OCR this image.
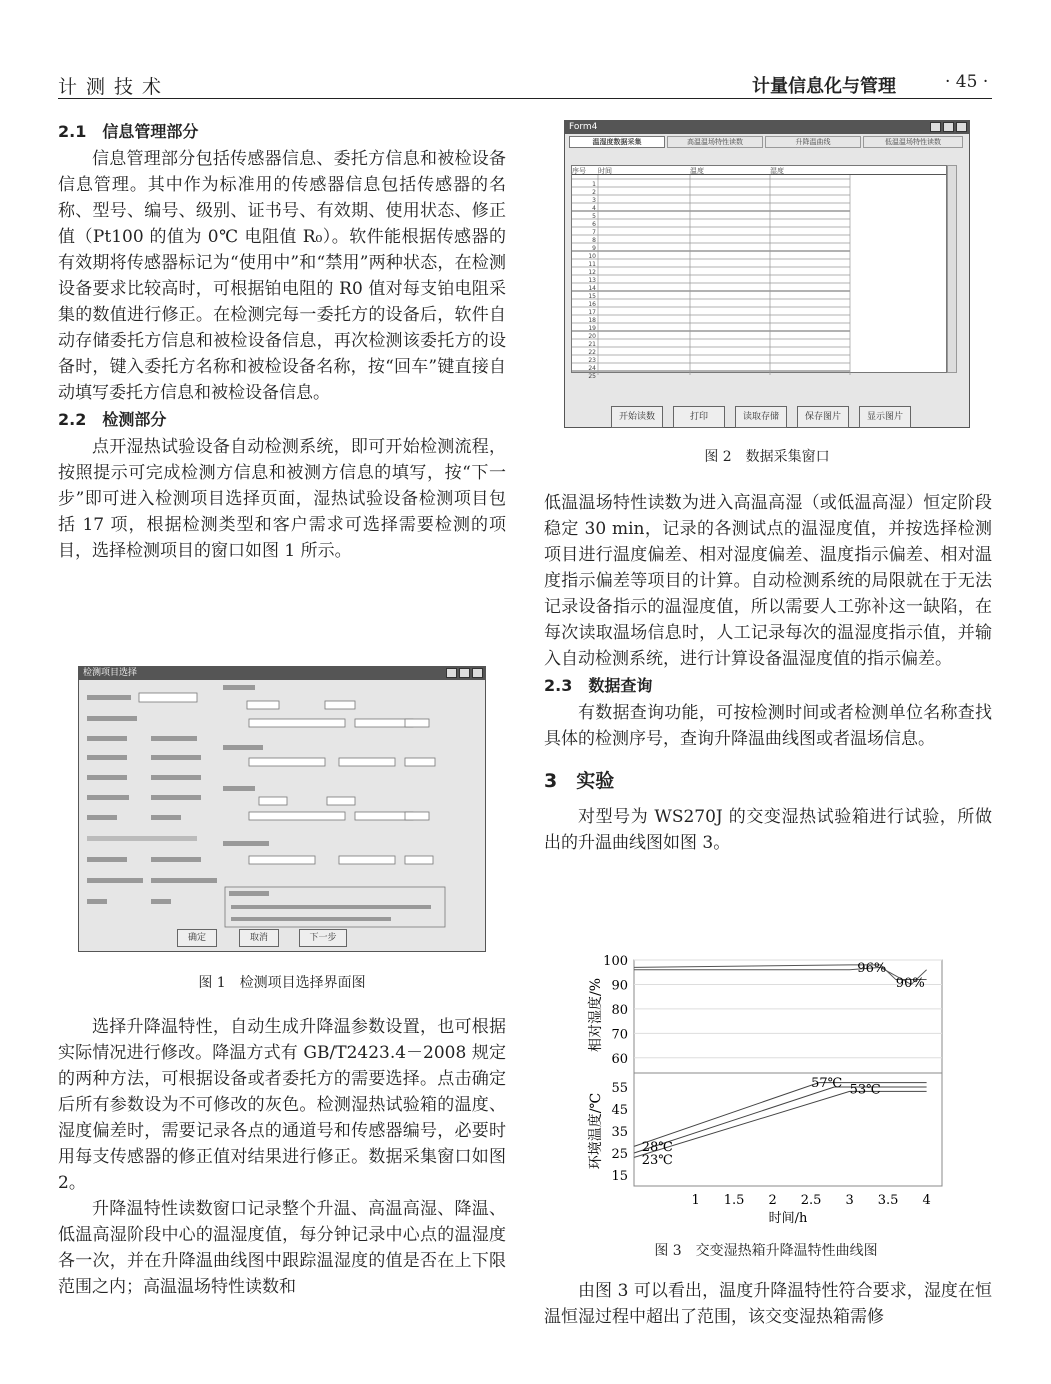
计测技术	计量信息化与管理	· 45 ·
2.1　信息管理部分

信息管理部分包括传感器信息、委托方信息和被检设备信息管理。其中作为标准用的传感器信息包括传感器的名称、型号、编号、级别、证书号、有效期、使用状态、修正值（Pt100 的值为 0℃ 电阻值 R₀）。软件能根据传感器的有效期将传感器标记为“使用中”和“禁用”两种状态，在检测设备要求比较高时，可根据铂电阻的 R0 值对每支铂电阻采集的数值进行修正。在检测完每一委托方的设备后，软件自动存储委托方信息和被检设备信息，再次检测该委托方的设备时，键入委托方名称和被检设备名称，按“回车”键直接自动填写委托方信息和被检设备信息。

2.2　检测部分

点开湿热试验设备自动检测系统，即可开始检测流程，按照提示可完成检测方信息和被测方信息的填写，按“下一步”即可进入检测项目选择页面，湿热试验设备检测项目包括 17 项，根据检测类型和客户需求可选择需要检测的项目，选择检测项目的窗口如图 1 所示。

检测项目选择
确定	取消	下一步
图 1　检测项目选择界面图

选择升降温特性，自动生成升降温参数设置，也可根据实际情况进行修改。降温方式有 GB/T2423.4－2008 规定的两种方法，可根据设备或者委托方的需要选择。点击确定后所有参数设为不可修改的灰色。检测湿热试验箱的温度、湿度偏差时，需要记录各点的通道号和传感器编号，必要时用每支传感器的修正值对结果进行修正。数据采集窗口如图 2。

升降温特性读数窗口记录整个升温、高温高湿、降温、低温高湿阶段中心的温湿度值，每分钟记录中心点的温湿度各一次，并在升降温曲线图中跟踪温湿度的值是否在上下限范围之内；高温温场特性读数和

Form4
温湿度数据采集	高温温场特性读数	升降温曲线	低温温场特性读数
序号	时间	温度	湿度
1
2
3
4
5
6
7
8
9
10
11
12
13
14
15
16
17
18
19
20
21
22
23
24
25
开始读数	打印	读取存储	保存图片	显示图片
图 2　数据采集窗口

低温温场特性读数为进入高温高湿（或低温高湿）恒定阶段稳定 30 min，记录的各测试点的温湿度值，并按选择检测项目进行温度偏差、相对湿度偏差、温度指示偏差、相对温度指示偏差等项目的计算。自动检测系统的局限就在于无法记录设备指示的温湿度值，所以需要人工弥补这一缺陷，在每次读取温场信息时，人工记录每次的温湿度指示值，并输入自动检测系统，进行计算设备温湿度值的指示偏差。

2.3　数据查询

有数据查询功能，可按检测时间或者检测单位名称查找具体的检测序号，查询升降温曲线图或者温场信息。

3　实验

对型号为 WS270J 的交变湿热试验箱进行试验，所做出的升温曲线图如图 3。

100
90
80
70
60
55
45
35
25
15
1 1.5 2 2.5 3 3.5 4
时间/h
相对湿度/%
环境温度/℃
96%
90%
57℃ 53℃
28℃
23℃
图 3　交变湿热箱升降温特性曲线图

由图 3 可以看出，温度升降温特性符合要求，湿度在恒温恒湿过程中超出了范围，该交变湿热箱需修
